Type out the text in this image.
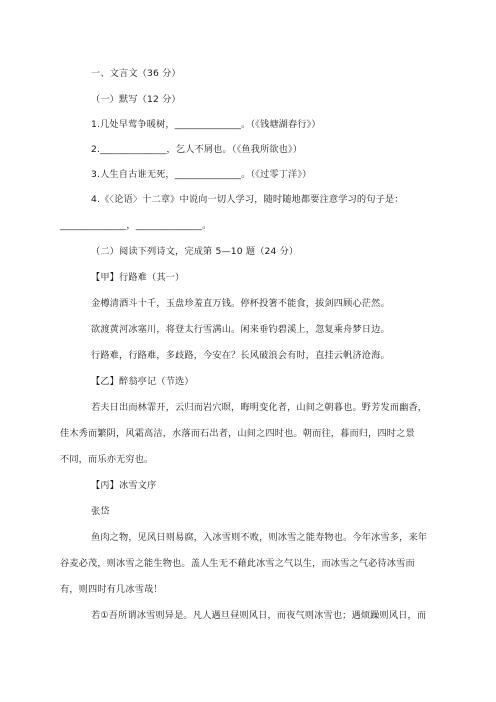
一、文言文（36 分）
（一）默写（12 分）
1.几处早莺争暖树，______________。（《钱塘湖春行》）
2.______________，乞人不屑也。（《鱼我所欲也》）
3.人生自古谁无死，______________。（《过零丁洋》）
4.《〈论语〉十二章》中说向一切人学习，随时随地都要注意学习的句子是：
______________，______________。
（二）阅读下列诗文，完成第 5—10 题（24 分）
【甲】行路难（其一）
金樽清酒斗十千，玉盘珍羞直万钱。停杯投箸不能食，拔剑四顾心茫然。
欲渡黄河冰塞川，将登太行雪满山。闲来垂钓碧溪上，忽复乘舟梦日边。
行路难，行路难，多歧路，今安在？长风破浪会有时，直挂云帆济沧海。
【乙】醉翁亭记（节选）
若夫日出而林霏开，云归而岩穴暝，晦明变化者，山间之朝暮也。野芳发而幽香，
佳木秀而繁阴，风霜高洁，水落而石出者，山间之四时也。朝而往，暮而归，四时之景
不同，而乐亦无穷也。
【丙】冰雪文序
张岱
鱼肉之物，见风日则易腐，入冰雪则不败，则冰雪之能寿物也。今年冰雪多，来年
谷麦必茂，则冰雪之能生物也。盖人生无不藉此冰雪之气以生，而冰雪之气必待冰雪而
有，则四时有几冰雪哉！
若①吾所谓冰雪则异是。凡人遇旦昼则风日，而夜气则冰雪也；遇烦躁则风日，而
